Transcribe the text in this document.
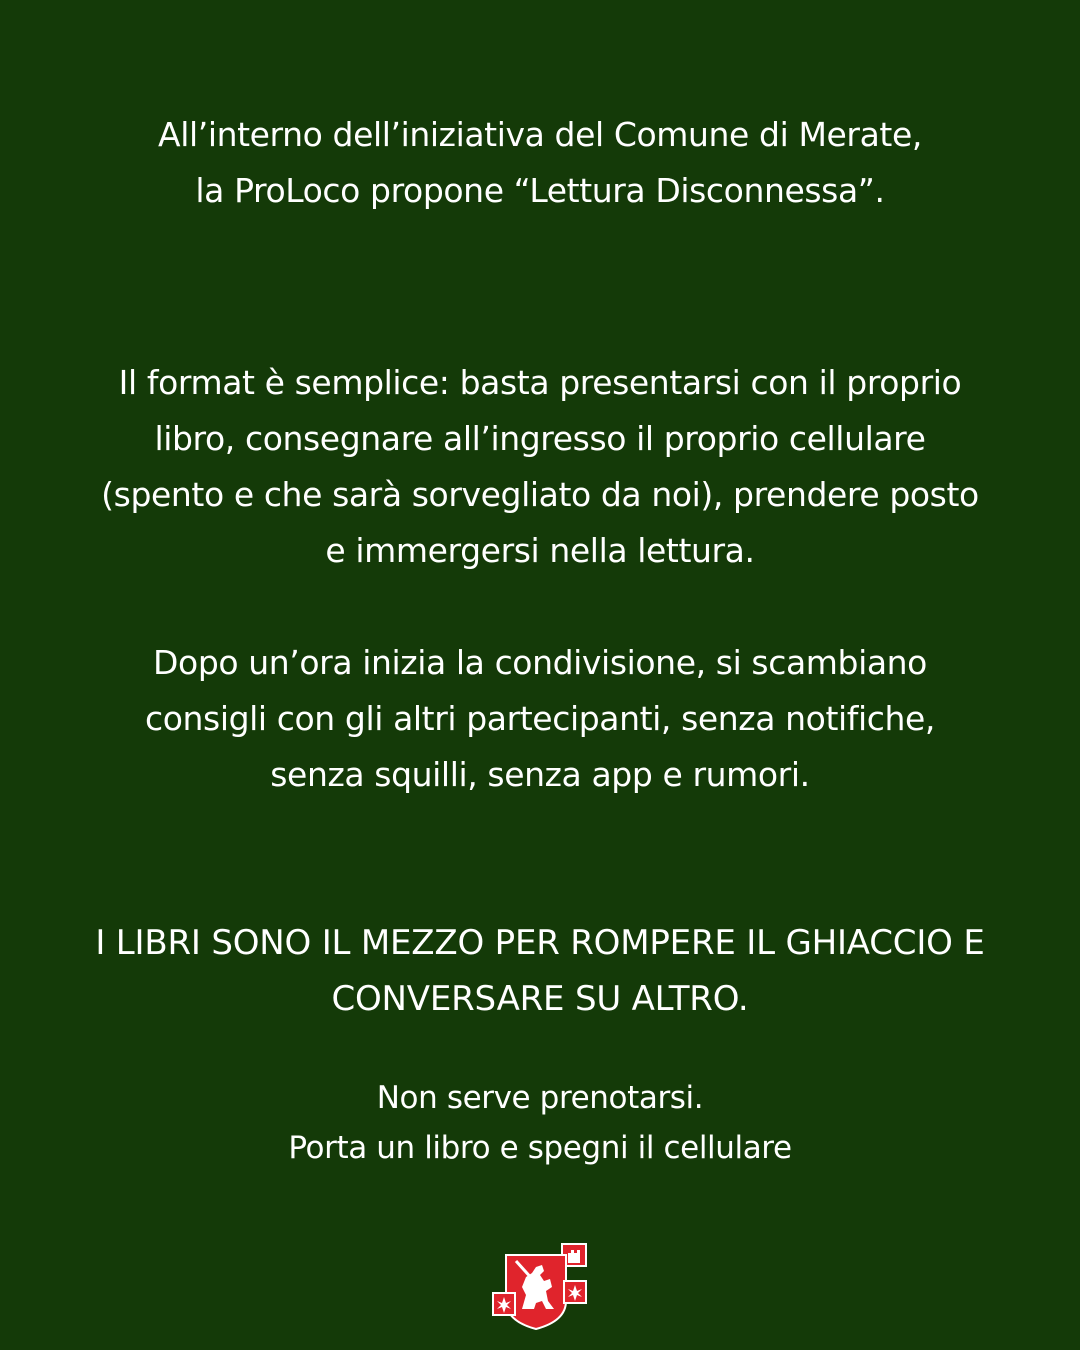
All’interno dell’iniziativa del Comune di Merate,
la ProLoco propone “Lettura Disconnessa”.
Il format è semplice: basta presentarsi con il proprio
libro, consegnare all’ingresso il proprio cellulare
(spento e che sarà sorvegliato da noi), prendere posto
e immergersi nella lettura.
Dopo un’ora inizia la condivisione, si scambiano
consigli con gli altri partecipanti, senza notifiche,
senza squilli, senza app e rumori.
I LIBRI SONO IL MEZZO PER ROMPERE IL GHIACCIO E
CONVERSARE SU ALTRO.
Non serve prenotarsi.
Porta un libro e spegni il cellulare
